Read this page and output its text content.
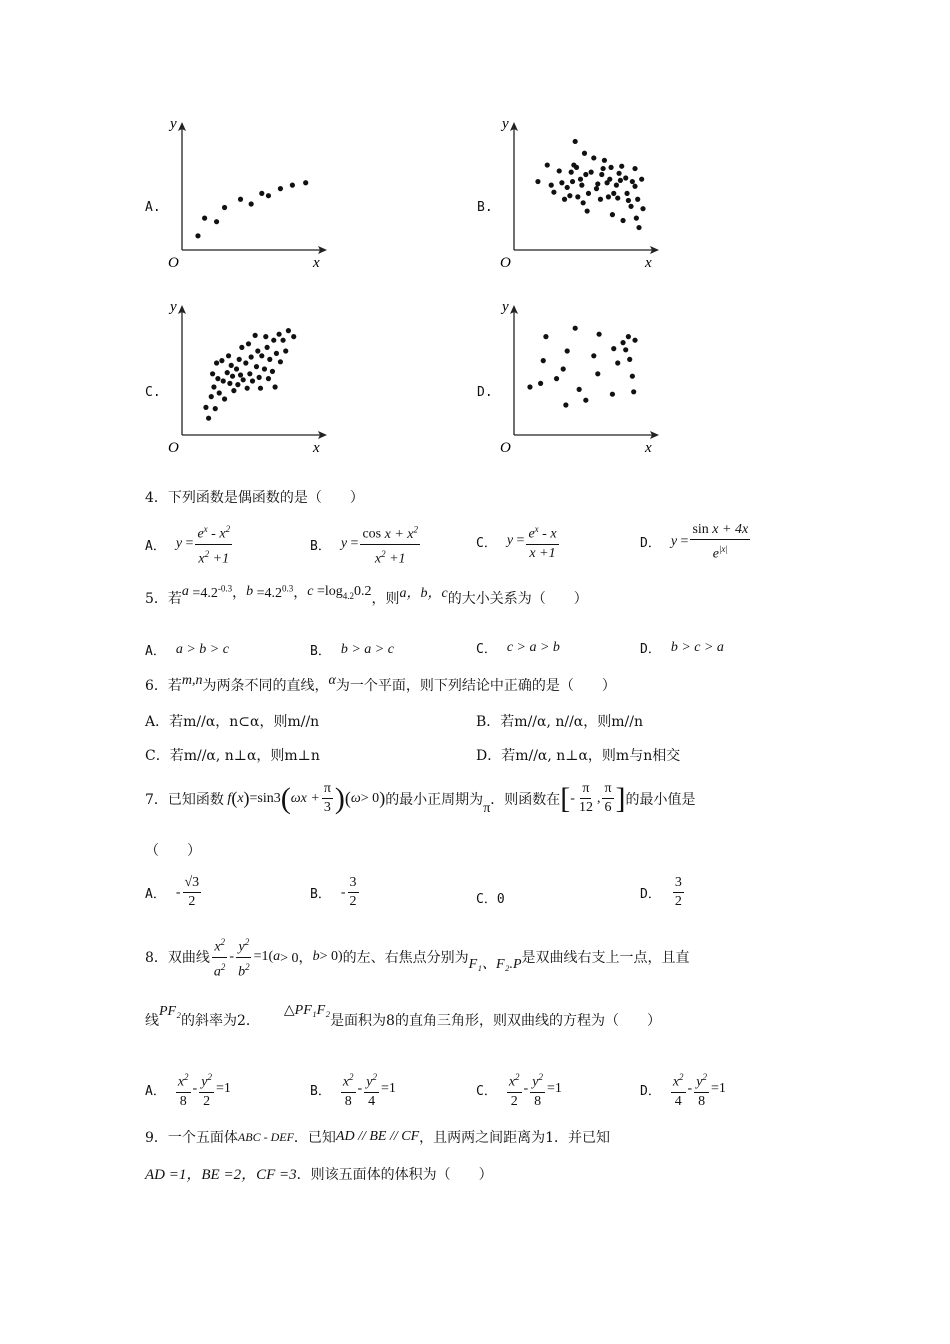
A.
x
y
O
B.
x
y
O
C.
x
y
O
D.
x
y
O
4．下列函数是偶函数的是（　　）
A． $y = \frac{e^x - x^2}{x^2 +1}$	B． $y = \frac{\cos x + x^2}{x^2 +1}$	C． $y = \frac{e^x - x}{x +1}$	D． $y = \frac{\text{sin x + 4x}}{e^{|x|}}$
5．若 $a =4.2^{-0.3}$， $b =4.2^{0.3}$， $c =\log_{4.2}0.2$ ，则 a，b，c 的大小关系为（　　）
A． a > b > c	B． b > a > c	C． c > a > b	D． b > c > a
6．若 m,n 为两条不同的直线， α 为一个平面，则下列结论中正确的是（　　）
A．若m//α，n⊂α，则m//n	B．若m//α, n//α，则m//n
C．若m//α, n⊥α，则m⊥n	D．若m//α, n⊥α，则m与n相交
7．已知函数 f ( x ) =sin3 ( $\omega x + \frac{\pi}{3}$ ) ( ω > 0 ) 的最小正周期为
π
．则函数在 [ - $\frac{\pi}{12}$ , $\frac{\pi}{6}$ ] 的最小值是
（　　）
A． - $\frac{√3}{2}$	B． - $\frac{3}{2}$	C．0	D． $\frac{3}{2}$
8．双曲线 $\frac{x^2}{a^2} - \frac{y^2}{b^2} =1$( a > 0， b > 0) 的左、右焦点分别为 F₁、F₂.P 是双曲线右支上一点，且直
线
PF₂
的斜率为2．
△PF₁F₂
是面积为8的直角三角形，则双曲线的方程为（　　）
A． $\frac{x^2}{8} - \frac{y^2}{2} =1$	B． $\frac{x^2}{8} - \frac{y^2}{4} =1$	C． $\frac{x^2}{2} - \frac{y^2}{8} =1$	D． $\frac{x^2}{4} - \frac{y^2}{8} =1$
9．一个五面体 ABC - DEF ．已知 AD // BE // CF ，且两两之间距离为1．并已知
AD =1，BE =2，CF =3 ．则该五面体的体积为（　　）
